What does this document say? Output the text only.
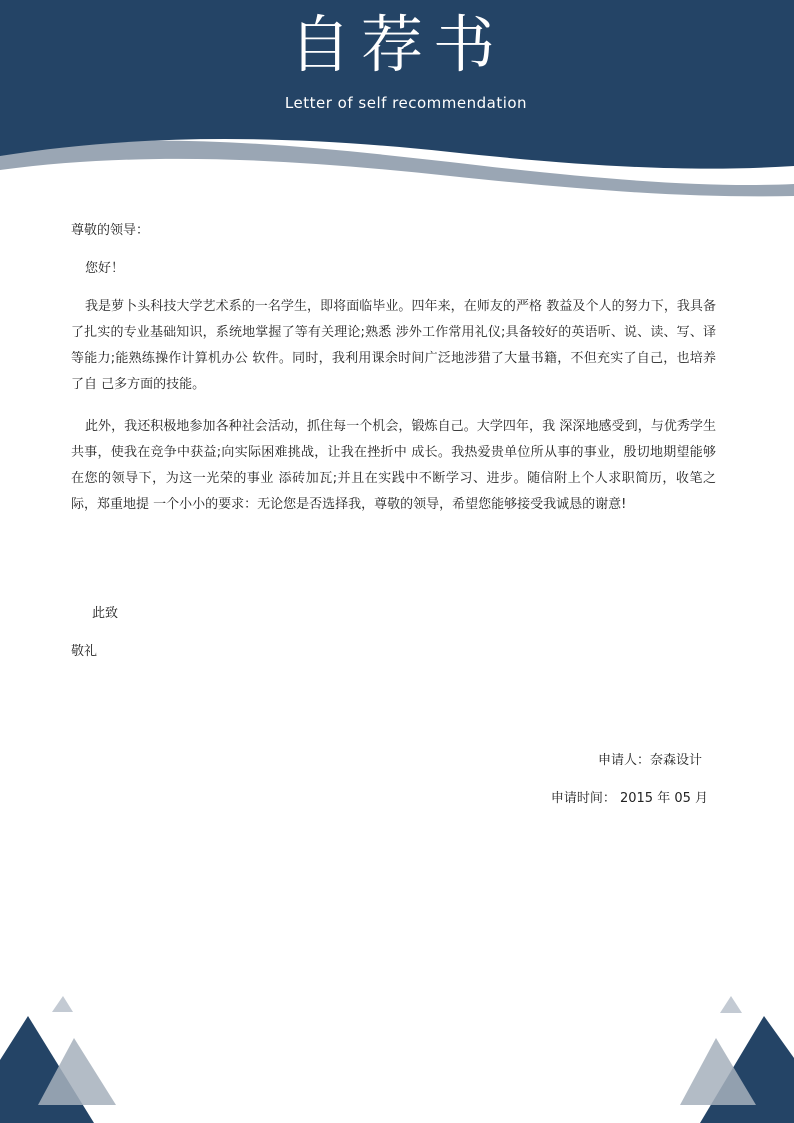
自荐书
Letter of self recommendation
尊敬的领导：
您好！
我是萝卜头科技大学艺术系的一名学生，即将面临毕业。四年来，在师友的严格 教益及个人的努力下，我具备了扎实的专业基础知识，系统地掌握了等有关理论;熟悉 涉外工作常用礼仪;具备较好的英语听、说、读、写、译等能力;能熟练操作计算机办公 软件。同时，我利用课余时间广泛地涉猎了大量书籍，不但充实了自己，也培养了自 己多方面的技能。
此外，我还积极地参加各种社会活动，抓住每一个机会，锻炼自己。大学四年，我 深深地感受到，与优秀学生共事，使我在竞争中获益;向实际困难挑战，让我在挫折中 成长。我热爱贵单位所从事的事业，殷切地期望能够在您的领导下，为这一光荣的事业 添砖加瓦;并且在实践中不断学习、进步。随信附上个人求职简历，收笔之际，郑重地提 一个小小的要求：无论您是否选择我，尊敬的领导，希望您能够接受我诚恳的谢意!
此致
敬礼
申请人：奈森设计
申请时间： 2015 年 05 月
